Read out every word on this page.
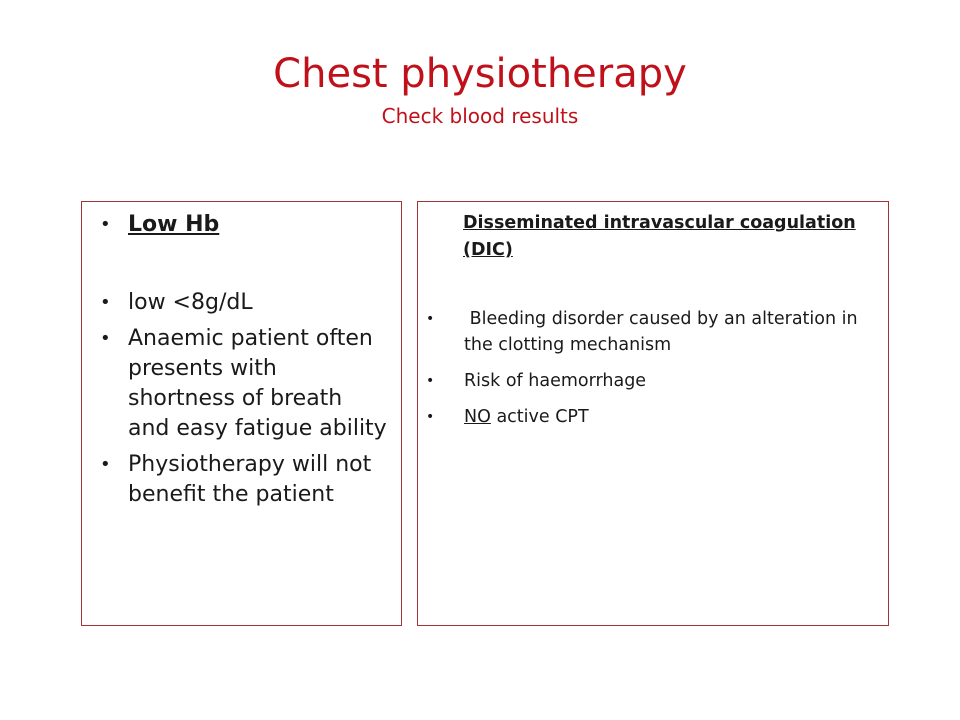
Chest physiotherapy
Check blood results
• Low Hb
• low <8g/dL
• Anaemic patient often presents with shortness of breath and easy fatigue ability
• Physiotherapy will not benefit the patient
Disseminated intravascular coagulation (DIC)
•	Bleeding disorder caused by an alteration in the clotting mechanism
•	Risk of haemorrhage
•	NO active CPT
